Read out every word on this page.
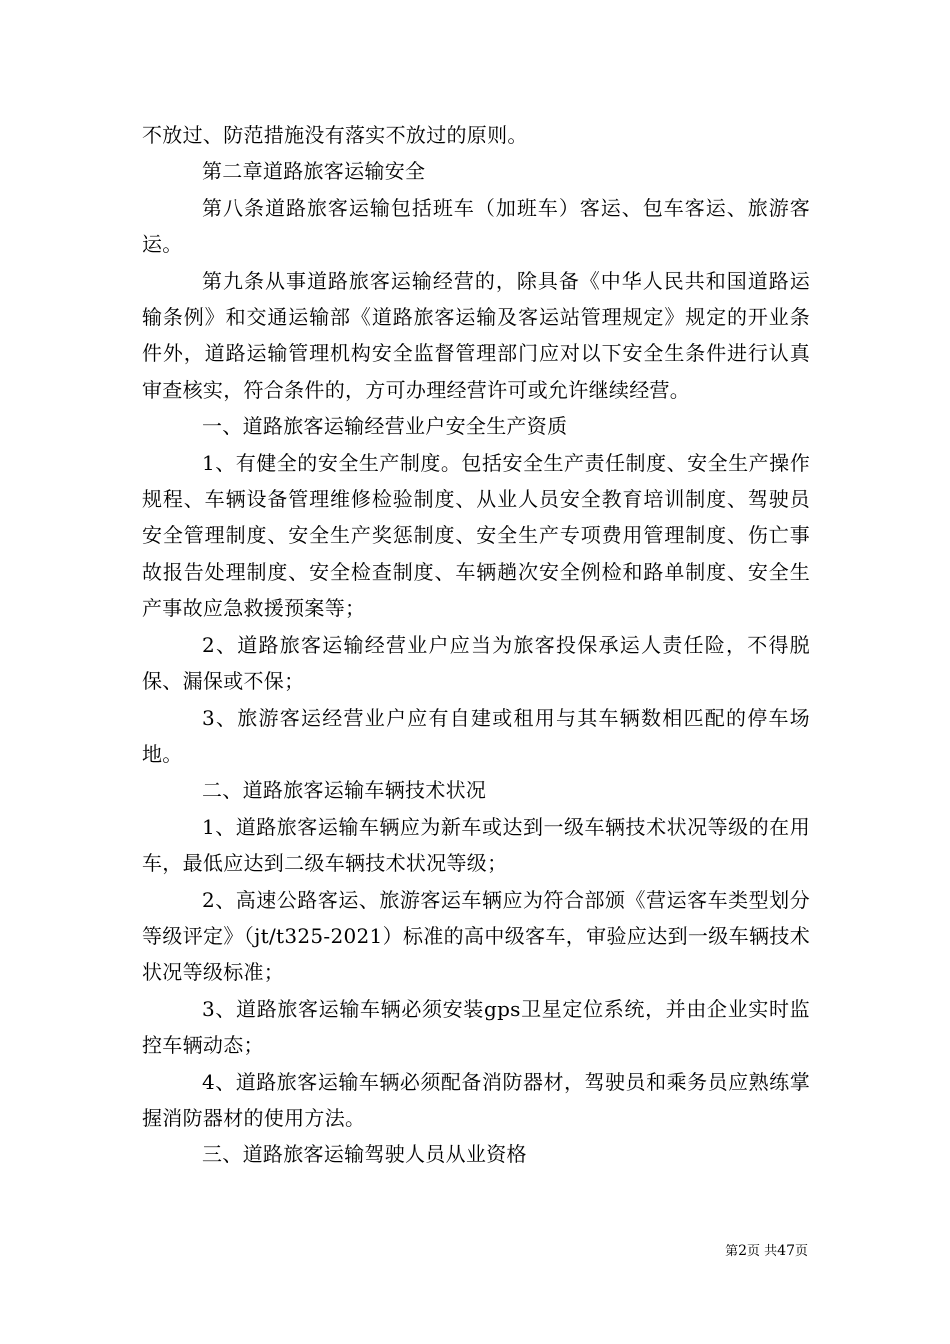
不放过、防范措施没有落实不放过的原则。

第二章道路旅客运输安全

第八条道路旅客运输包括班车（加班车）客运、包车客运、旅游客运。

第九条从事道路旅客运输经营的，除具备《中华人民共和国道路运输条例》和交通运输部《道路旅客运输及客运站管理规定》规定的开业条件外，道路运输管理机构安全监督管理部门应对以下安全生条件进行认真审查核实，符合条件的，方可办理经营许可或允许继续经营。

一、道路旅客运输经营业户安全生产资质

1、有健全的安全生产制度。包括安全生产责任制度、安全生产操作规程、车辆设备管理维修检验制度、从业人员安全教育培训制度、驾驶员安全管理制度、安全生产奖惩制度、安全生产专项费用管理制度、伤亡事故报告处理制度、安全检查制度、车辆趟次安全例检和路单制度、安全生产事故应急救援预案等；

2、道路旅客运输经营业户应当为旅客投保承运人责任险，不得脱保、漏保或不保；

3、旅游客运经营业户应有自建或租用与其车辆数相匹配的停车场地。

二、道路旅客运输车辆技术状况

1、道路旅客运输车辆应为新车或达到一级车辆技术状况等级的在用车，最低应达到二级车辆技术状况等级；

2、高速公路客运、旅游客运车辆应为符合部颁《营运客车类型划分等级评定》（jt/t325-2021）标准的高中级客车，审验应达到一级车辆技术状况等级标准；

3、道路旅客运输车辆必须安装gps卫星定位系统，并由企业实时监控车辆动态；

4、道路旅客运输车辆必须配备消防器材，驾驶员和乘务员应熟练掌握消防器材的使用方法。

三、道路旅客运输驾驶人员从业资格

第2页 共47页
